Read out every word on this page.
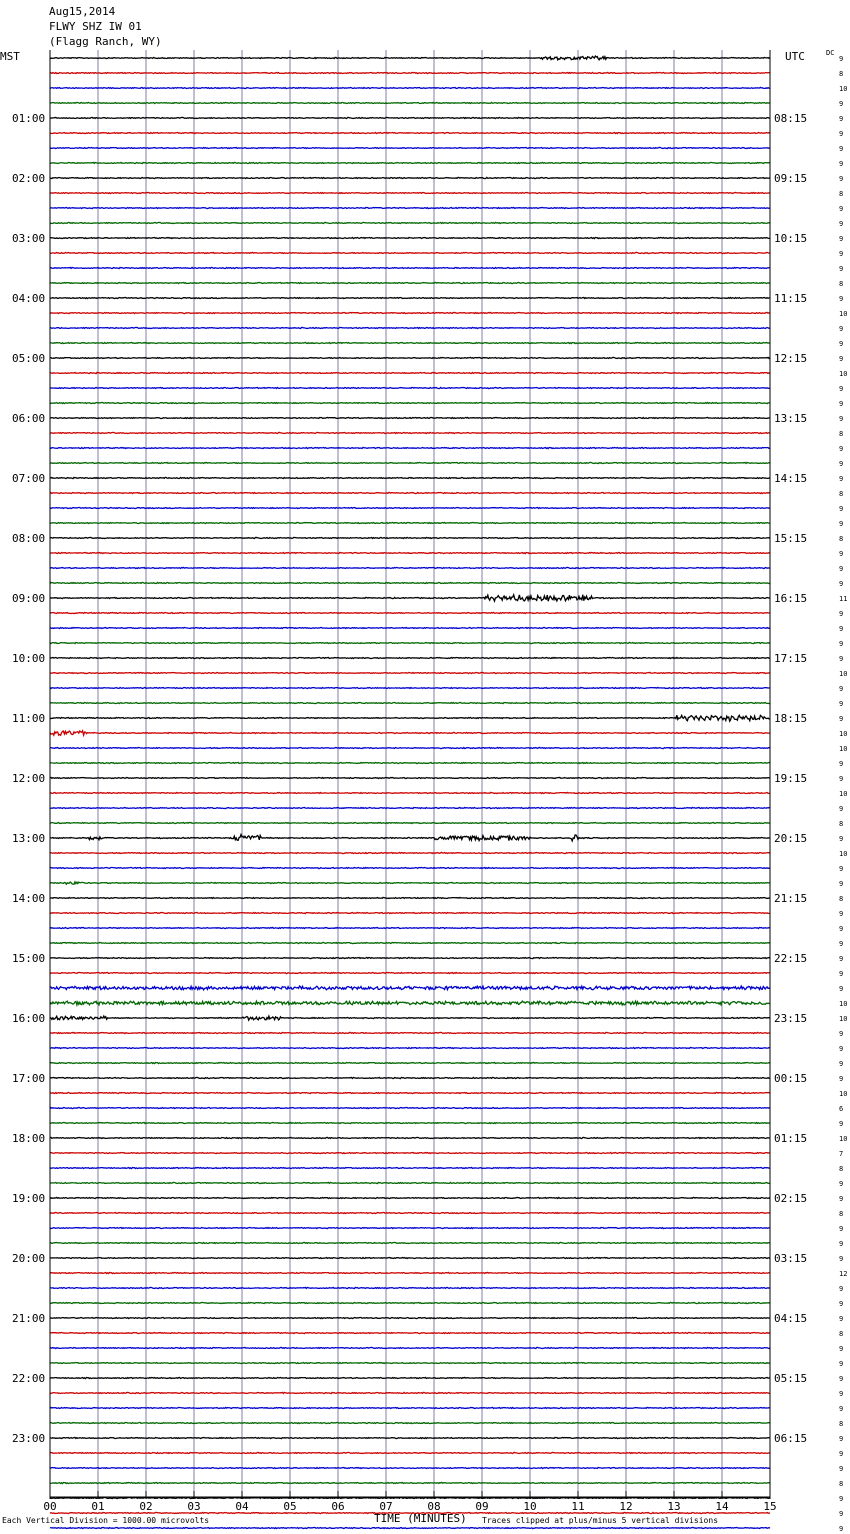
Aug15,2014
FLWY SHZ IW 01
(Flagg Ranch, WY)
MST	UTC	DC
9
8
10
9
9
9
9
9
9
8
9
9
9
9
9
8
9
10
9
9
9
10
9
9
9
8
9
9
9
8
9
9
8
9
9
9
11
9
9
9
9
10
9
9
9
10
10
9
9
10
9
8
9
10
9
9
8
9
9
9
9
9
9
10
10
9
9
9
9
10
6
9
10
7
8
9
9
8
9
9
9
12
9
9
9
8
9
9
9
9
9
8
9
9
9
8
9
9
9
01:00	08:15
02:00	09:15
03:00	10:15
04:00	11:15
05:00	12:15
06:00	13:15
07:00	14:15
08:00	15:15
09:00	16:15
10:00	17:15
11:00	18:15
12:00	19:15
13:00	20:15
14:00	21:15
15:00	22:15
16:00	23:15
17:00	00:15
18:00	01:15
19:00	02:15
20:00	03:15
21:00	04:15
22:00	05:15
23:00	06:15
00	01	02	03	04	05	06	07	08	09	10	11	12	13	14	15
Each Vertical Division = 1000.00 microvolts	TIME (MINUTES) Traces clipped at plus/minus 5 vertical divisions
